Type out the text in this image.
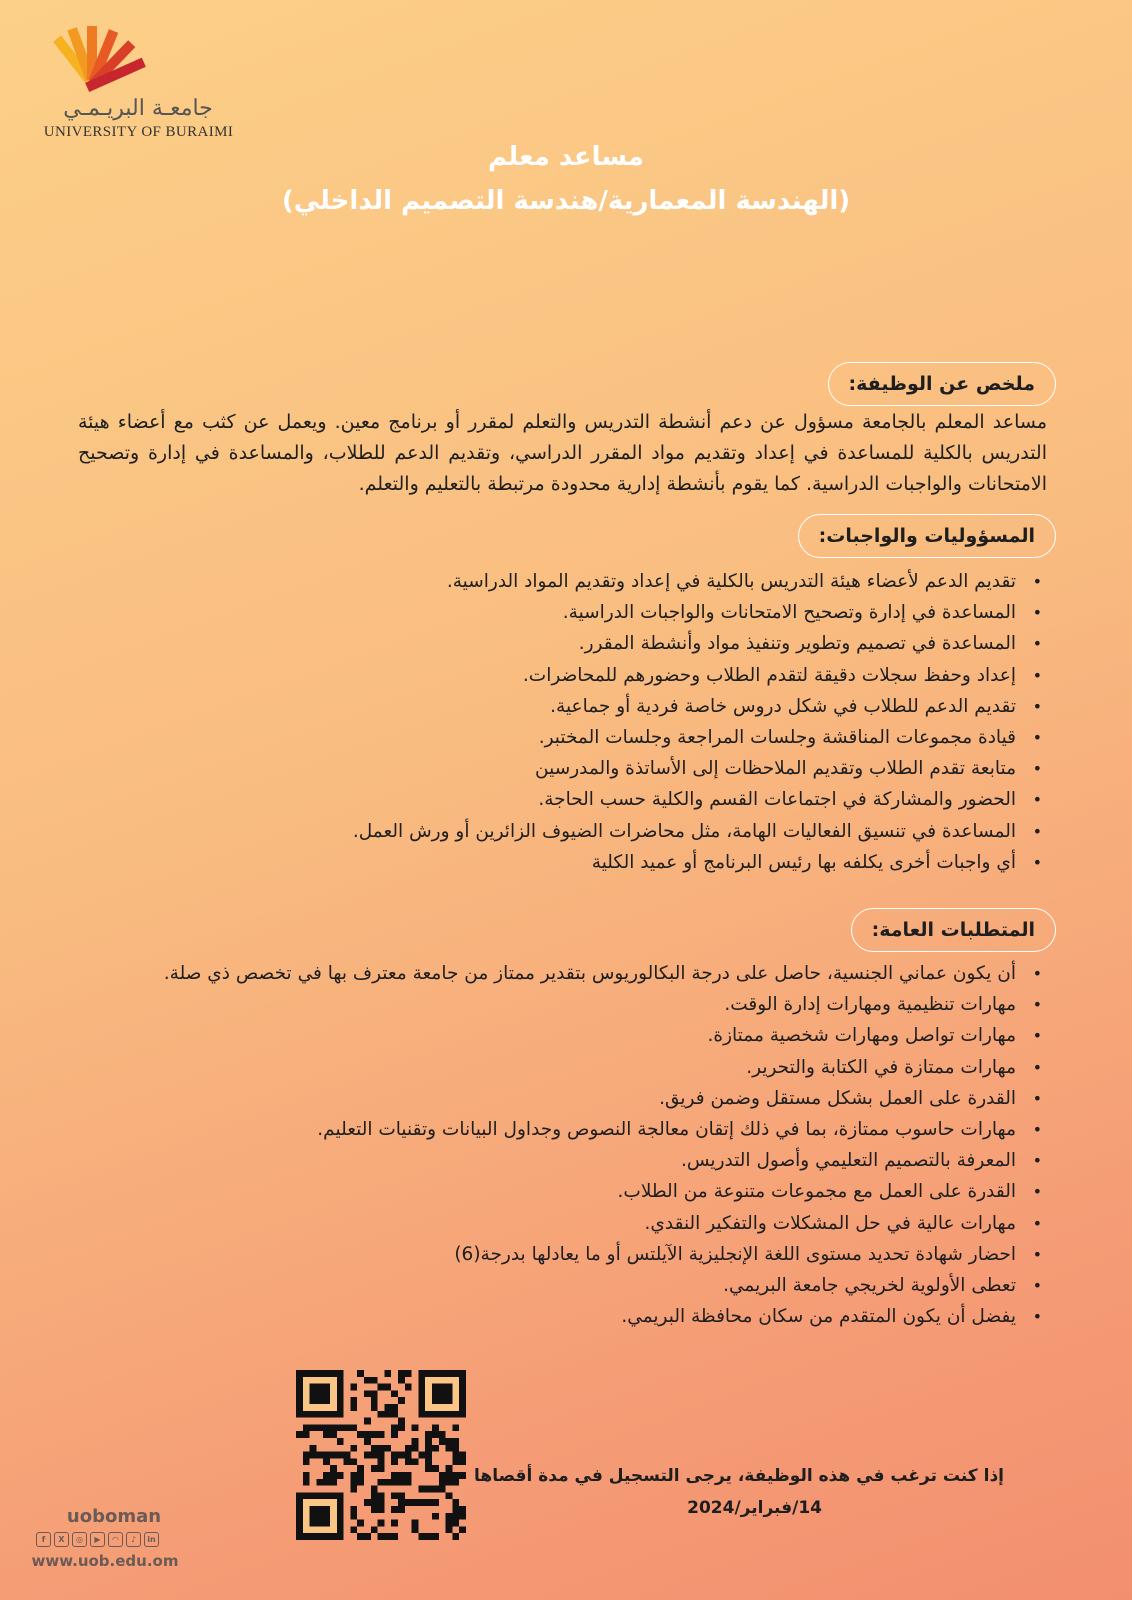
جامعـة البريـمـي
UNIVERSITY OF BURAIMI
مساعد معلم
(الهندسة المعمارية/هندسة التصميم الداخلي)
ملخص عن الوظيفة:

مساعد المعلم بالجامعة مسؤول عن دعم أنشطة التدريس والتعلم لمقرر أو برنامج معين. ويعمل عن كثب مع أعضاء هيئة التدريس بالكلية للمساعدة في إعداد وتقديم مواد المقرر الدراسي، وتقديم الدعم للطلاب، والمساعدة في إدارة وتصحيح الامتحانات والواجبات الدراسية. كما يقوم بأنشطة إدارية محدودة مرتبطة بالتعليم والتعلم.

المسؤوليات والواجبات:
• تقديم الدعم لأعضاء هيئة التدريس بالكلية في إعداد وتقديم المواد الدراسية.
• المساعدة في إدارة وتصحيح الامتحانات والواجبات الدراسية.
• المساعدة في تصميم وتطوير وتنفيذ مواد وأنشطة المقرر.
• إعداد وحفظ سجلات دقيقة لتقدم الطلاب وحضورهم للمحاضرات.
• تقديم الدعم للطلاب في شكل دروس خاصة فردية أو جماعية.
• قيادة مجموعات المناقشة وجلسات المراجعة وجلسات المختبر.
• متابعة تقدم الطلاب وتقديم الملاحظات إلى الأساتذة والمدرسين
• الحضور والمشاركة في اجتماعات القسم والكلية حسب الحاجة.
• المساعدة في تنسيق الفعاليات الهامة، مثل محاضرات الضيوف الزائرين أو ورش العمل.
• أي واجبات أخرى يكلفه بها رئيس البرنامج أو عميد الكلية
المتطلبات العامة:
• أن يكون عماني الجنسية، حاصل على درجة البكالوريوس بتقدير ممتاز من جامعة معترف بها في تخصص ذي صلة.
• مهارات تنظيمية ومهارات إدارة الوقت.
• مهارات تواصل ومهارات شخصية ممتازة.
• مهارات ممتازة في الكتابة والتحرير.
• القدرة على العمل بشكل مستقل وضمن فريق.
• مهارات حاسوب ممتازة، بما في ذلك إتقان معالجة النصوص وجداول البيانات وتقنيات التعليم.
• المعرفة بالتصميم التعليمي وأصول التدريس.
• القدرة على العمل مع مجموعات متنوعة من الطلاب.
• مهارات عالية في حل المشكلات والتفكير النقدي.
• احضار شهادة تحديد مستوى اللغة الإنجليزية الآيلتس أو ما يعادلها بدرجة(6)
• تعطى الأولوية لخريجي جامعة البريمي.
• يفضل أن يكون المتقدم من سكان محافظة البريمي.
إذا كنت ترغب في هذه الوظيفة، يرجى التسجيل في مدة أقصاها
14/فبراير/2024
uoboman
f	X	◎	▶	◠	♪	in
www.uob.edu.om
